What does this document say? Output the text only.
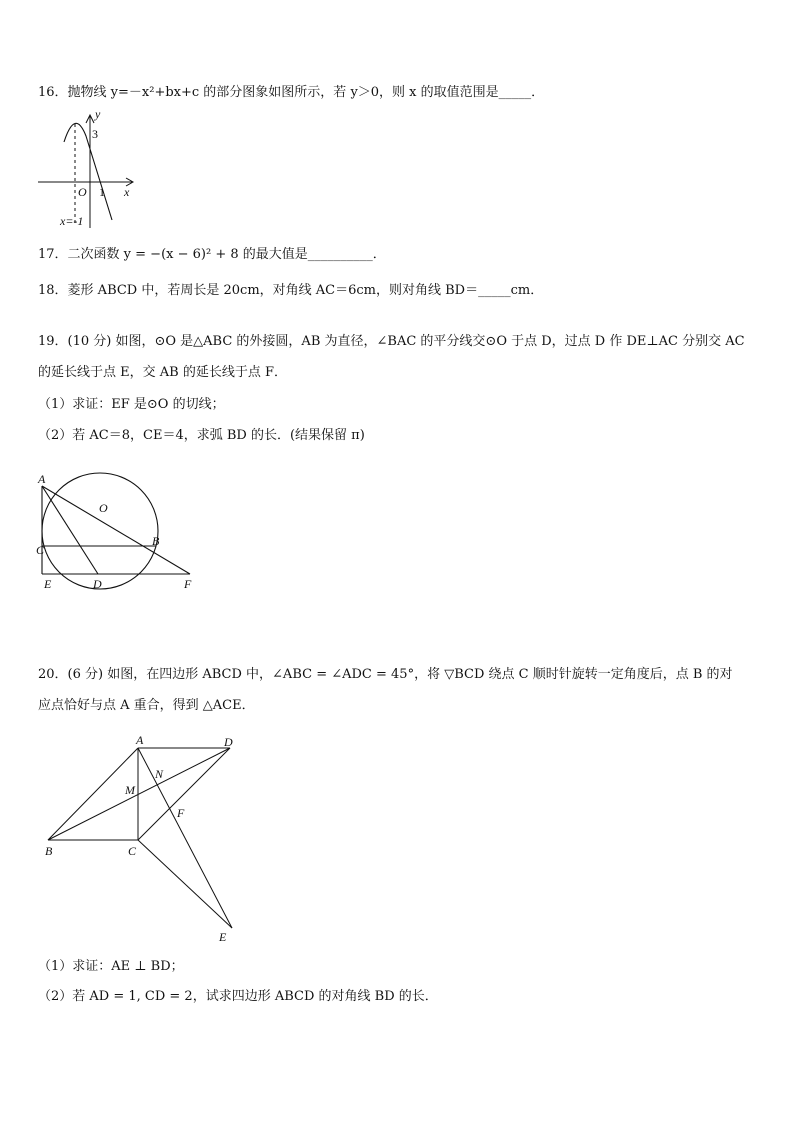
16．抛物线 y=－x²+bx+c 的部分图象如图所示，若 y＞0，则 x 的取值范围是_____．
y
3
O 1 x
x=-1
17．二次函数 y = −(x − 6)² + 8 的最大值是__________．
18．菱形 ABCD 中，若周长是 20cm，对角线 AC＝6cm，则对角线 BD＝_____cm．
19．(10 分) 如图，⊙O 是△ABC 的外接圆，AB 为直径，∠BAC 的平分线交⊙O 于点 D，过点 D 作 DE⊥AC 分别交 AC
的延长线于点 E，交 AB 的延长线于点 F．
（1）求证：EF 是⊙O 的切线；
（2）若 AC＝8，CE＝4，求弧 BD 的长．(结果保留 π)
A
O
C
B
E	D	F
20．(6 分) 如图，在四边形 ABCD 中，∠ABC = ∠ADC = 45°，将 ▽BCD 绕点 C 顺时针旋转一定角度后，点 B 的对
应点恰好与点 A 重合，得到 △ACE．
A	D
N
M
F
B	C
E
（1）求证：AE ⊥ BD；
（2）若 AD = 1, CD = 2，试求四边形 ABCD 的对角线 BD 的长．
